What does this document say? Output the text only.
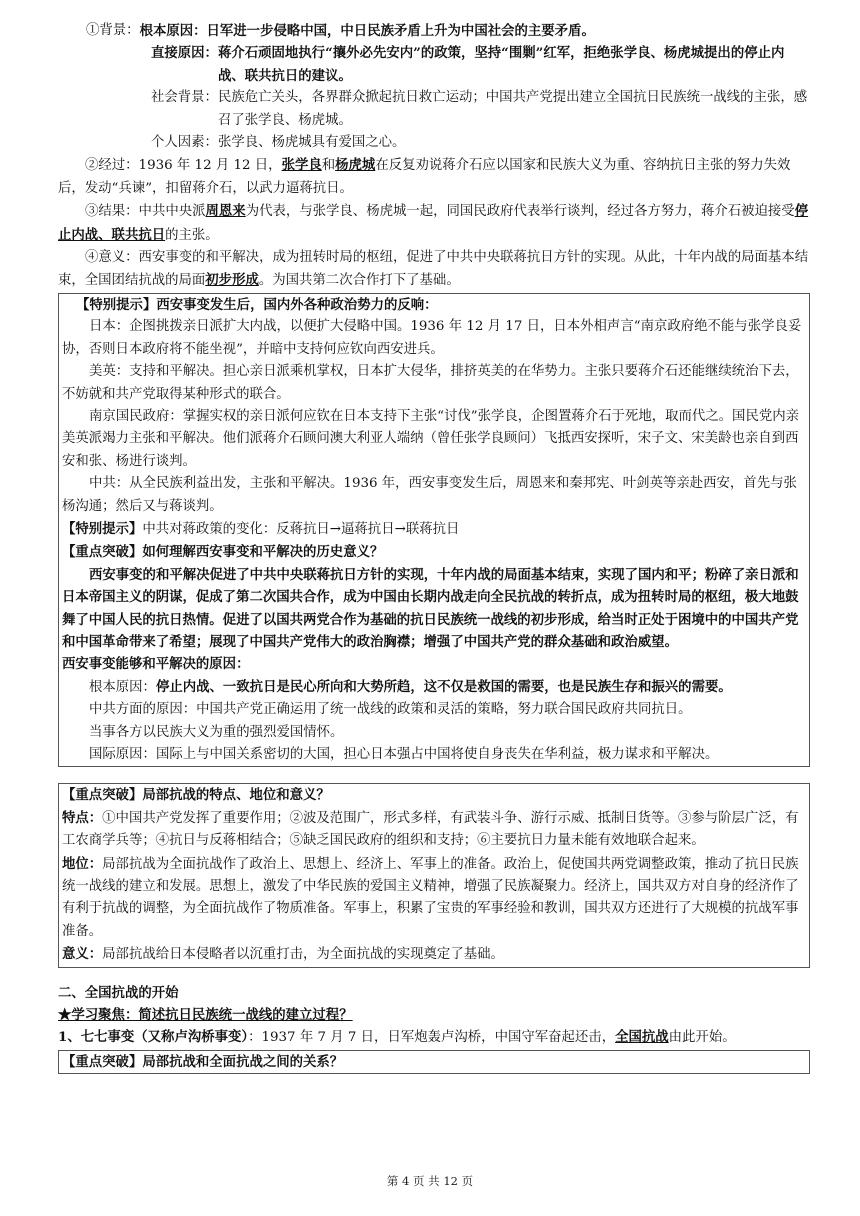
①背景： 根本原因： 日军进一步侵略中国，中日民族矛盾上升为中国社会的主要矛盾。
直接原因： 蒋介石顽固地执行“攘外必先安内”的政策，坚持“围剿”红军，拒绝张学良、杨虎城提出的停止内战、联共抗日的建议。
社会背景： 民族危亡关头，各界群众掀起抗日救亡运动；中国共产党提出建立全国抗日民族统一战线的主张，感召了张学良、杨虎城。
个人因素： 张学良、杨虎城具有爱国之心。

②经过：1936 年 12 月 12 日，张学良和杨虎城在反复劝说蒋介石应以国家和民族大义为重、容纳抗日主张的努力失效后，发动“兵谏”，扣留蒋介石，以武力逼蒋抗日。

③结果：中共中央派周恩来为代表，与张学良、杨虎城一起，同国民政府代表举行谈判，经过各方努力，蒋介石被迫接受停止内战、联共抗日的主张。

④意义：西安事变的和平解决，成为扭转时局的枢纽，促进了中共中央联蒋抗日方针的实现。从此，十年内战的局面基本结束，全国团结抗战的局面初步形成。为国共第二次合作打下了基础。

【特别提示】西安事变发生后，国内外各种政治势力的反响：

日本：企图挑拨亲日派扩大内战，以便扩大侵略中国。1936 年 12 月 17 日，日本外相声言“南京政府绝不能与张学良妥协，否则日本政府将不能坐视”，并暗中支持何应钦向西安进兵。

美英：支持和平解决。担心亲日派乘机掌权，日本扩大侵华，排挤英美的在华势力。主张只要蒋介石还能继续统治下去，不妨就和共产党取得某种形式的联合。

南京国民政府：掌握实权的亲日派何应钦在日本支持下主张“讨伐”张学良，企图置蒋介石于死地，取而代之。国民党内亲美英派竭力主张和平解决。他们派蒋介石顾问澳大利亚人端纳（曾任张学良顾问）飞抵西安探听，宋子文、宋美龄也亲自到西安和张、杨进行谈判。

中共：从全民族利益出发，主张和平解决。1936 年，西安事变发生后，周恩来和秦邦宪、叶剑英等亲赴西安，首先与张杨沟通；然后又与蒋谈判。

【特别提示】中共对蒋政策的变化：反蒋抗日→逼蒋抗日→联蒋抗日

【重点突破】如何理解西安事变和平解决的历史意义？

西安事变的和平解决促进了中共中央联蒋抗日方针的实现，十年内战的局面基本结束，实现了国内和平；粉碎了亲日派和日本帝国主义的阴谋，促成了第二次国共合作，成为中国由长期内战走向全民抗战的转折点，成为扭转时局的枢纽，极大地鼓舞了中国人民的抗日热情。促进了以国共两党合作为基础的抗日民族统一战线的初步形成，给当时正处于困境中的中国共产党和中国革命带来了希望；展现了中国共产党伟大的政治胸襟；增强了中国共产党的群众基础和政治威望。

西安事变能够和平解决的原因：

根本原因：停止内战、一致抗日是民心所向和大势所趋，这不仅是救国的需要，也是民族生存和振兴的需要。

中共方面的原因：中国共产党正确运用了统一战线的政策和灵活的策略，努力联合国民政府共同抗日。

当事各方以民族大义为重的强烈爱国情怀。

国际原因：国际上与中国关系密切的大国，担心日本强占中国将使自身丧失在华利益，极力谋求和平解决。

【重点突破】局部抗战的特点、地位和意义？

特点：①中国共产党发挥了重要作用；②波及范围广，形式多样，有武装斗争、游行示威、抵制日货等。③参与阶层广泛，有工农商学兵等；④抗日与反蒋相结合；⑤缺乏国民政府的组织和支持；⑥主要抗日力量未能有效地联合起来。

地位：局部抗战为全面抗战作了政治上、思想上、经济上、军事上的准备。政治上，促使国共两党调整政策，推动了抗日民族统一战线的建立和发展。思想上，激发了中华民族的爱国主义精神，增强了民族凝聚力。经济上，国共双方对自身的经济作了有利于抗战的调整，为全面抗战作了物质准备。军事上，积累了宝贵的军事经验和教训，国共双方还进行了大规模的抗战军事准备。

意义：局部抗战给日本侵略者以沉重打击，为全面抗战的实现奠定了基础。

二、全国抗战的开始

★学习聚焦：简述抗日民族统一战线的建立过程？

1、七七事变（又称卢沟桥事变）：1937 年 7 月 7 日，日军炮轰卢沟桥，中国守军奋起还击，全国抗战由此开始。

【重点突破】局部抗战和全面抗战之间的关系？

第 4 页 共 12 页
